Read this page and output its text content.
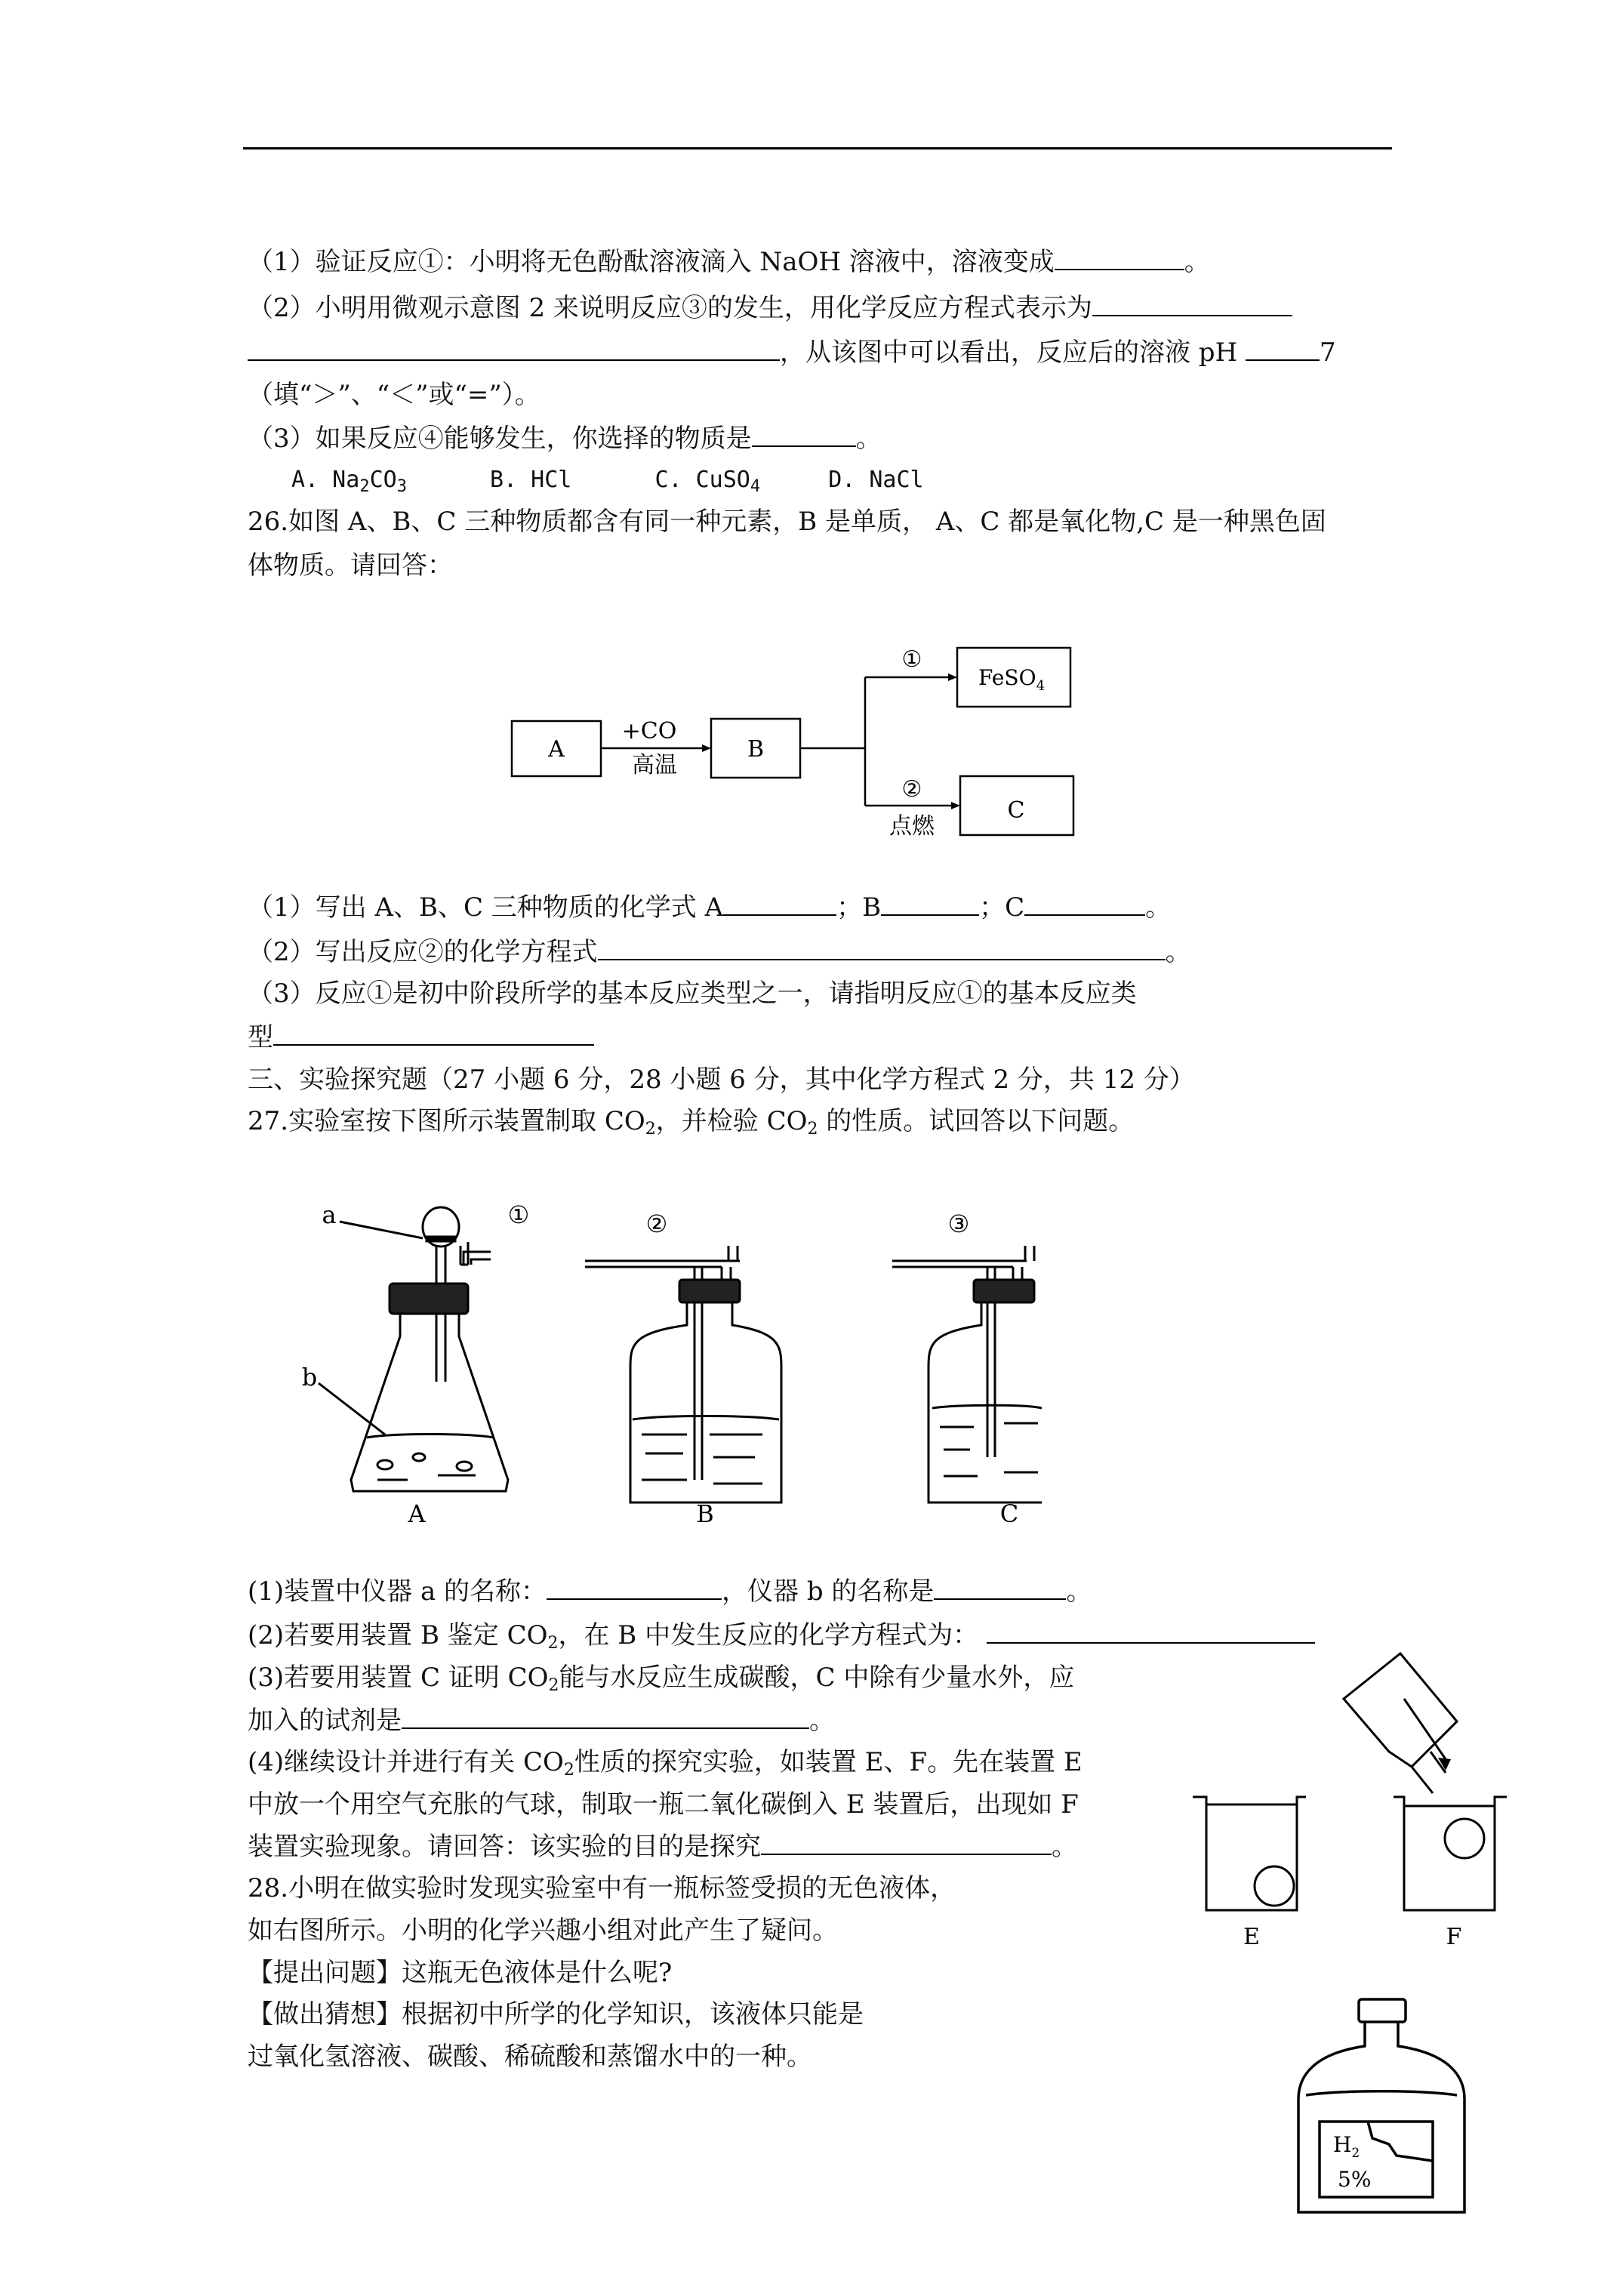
（1）验证反应①：小明将无色酚酞溶液滴入 NaOH 溶液中，溶液变成	。
（2）小明用微观示意图 2 来说明反应③的发生，用化学反应方程式表示为
，从该图中可以看出，反应后的溶液 pH	7
（填“＞”、“＜”或“=”）。
（3）如果反应④能够发生，你选择的物质是	。
A. $Na_2CO_3$	B. HCl	C. CuSO$_4$	D. NaCl
26.如图 A、B、C 三种物质都含有同一种元素，B 是单质， A、C 都是氧化物,C 是一种黑色固
体物质。请回答：
A	B
C
FeSO$_4$
+CO
高温
①
②
点燃
（1）写出 A、B、C 三种物质的化学式 A	；B	；C	。
（2）写出反应②的化学方程式	。
（3）反应①是初中阶段所学的基本反应类型之一，请指明反应①的基本反应类
型
三、实验探究题（27 小题 6 分，28 小题 6 分，其中化学方程式 2 分，共 12 分）
27.实验室按下图所示装置制取 $CO_2$，并检验 $CO_2$ 的性质。试回答以下问题。
a
b
①	②	③
A	B	C
(1)装置中仪器 a 的名称：	，仪器 b 的名称是	。
(2)若要用装置 B 鉴定 $CO_2$，在 B 中发生反应的化学方程式为：
(3)若要用装置 C 证明 $CO_2$能与水反应生成碳酸，C 中除有少量水外，应
加入的试剂是	。
(4)继续设计并进行有关 $CO_2$性质的探究实验，如装置 E、F。先在装置 E
中放一个用空气充胀的气球，制取一瓶二氧化碳倒入 E 装置后，出现如 F
装置实验现象。请回答：该实验的目的是探究	。
E	F
28.小明在做实验时发现实验室中有一瓶标签受损的无色液体，
如右图所示。小明的化学兴趣小组对此产生了疑问。
【提出问题】这瓶无色液体是什么呢?
【做出猜想】根据初中所学的化学知识，该液体只能是
过氧化氢溶液、碳酸、稀硫酸和蒸馏水中的一种。
$H_2$
5%
